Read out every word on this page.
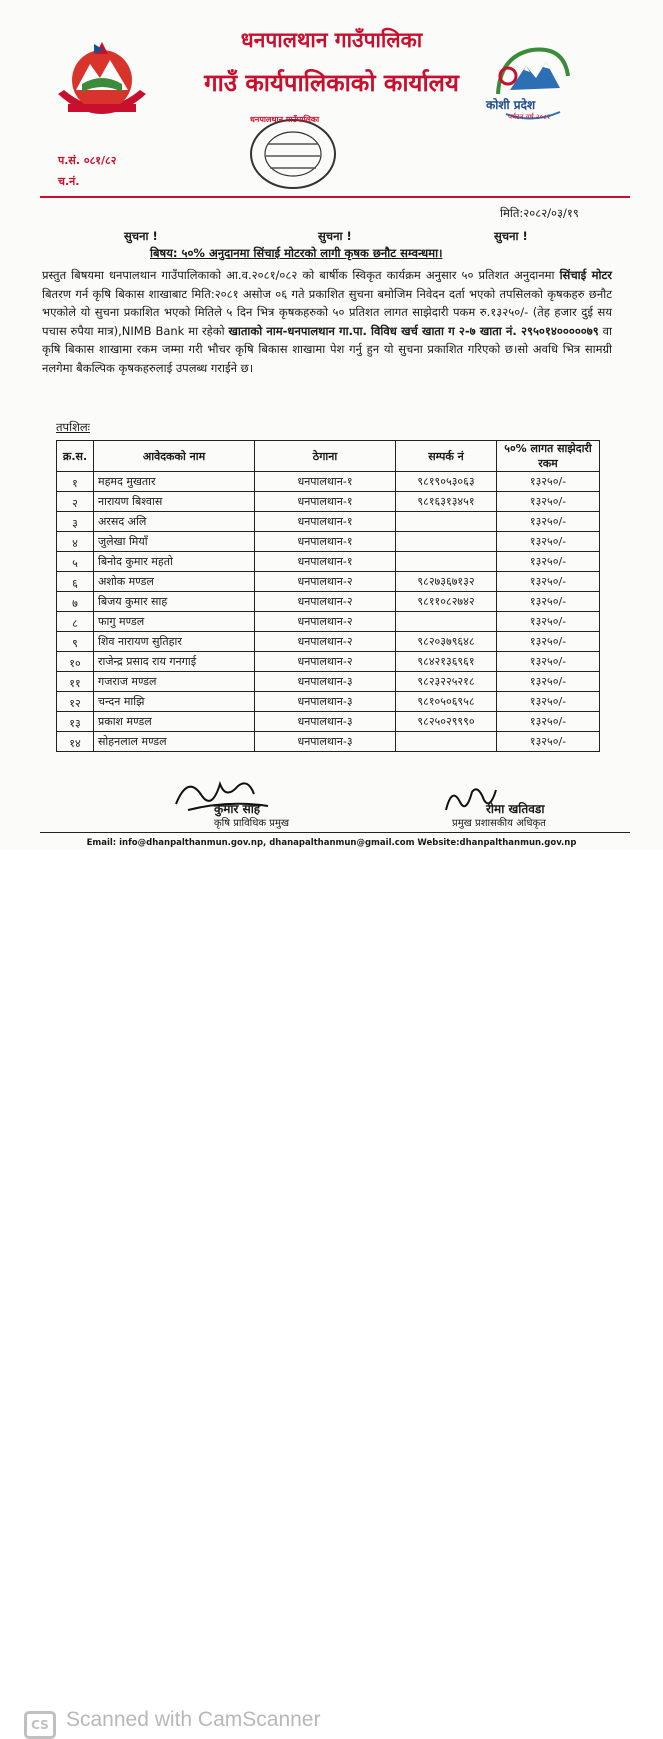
धनपालथान गाउँपालिका
गाउँ कार्यपालिकाको कार्यालय
कोशी प्रदेश
पर्यटन वर्ष २०८२
धनपालथान गाउँपालिका
प.सं. ०८१/८२
च.नं.
मिति:२०८२/०३/१९
सुचना !	सुचना !	सुचना !
बिषय: ५०% अनुदानमा सिंचाई मोटरको लागी कृषक छनौट सम्वन्धमा।
प्रस्तुत बिषयमा धनपालथान गाउँपालिकाको आ.व.२०८१/०८२ को बार्षीक स्विकृत कार्यक्रम अनुसार ५० प्रतिशत अनुदानमा सिंचाई मोटर बितरण गर्न कृषि बिकास शाखाबाट मिति:२०८१ असोज ०६ गते प्रकाशित सुचना बमोजिम निवेदन दर्ता भएको तपसिलको कृषकहरु छनौट भएकोले यो सुचना प्रकाशित भएको मितिले ५ दिन भित्र कृषकहरुको ५० प्रतिशत लागत साझेदारी पकम रु.१३२५०/- (तेह हजार दुई सय पचास रुपैया मात्र),NIMB Bank मा रहेको खाताको नाम-धनपालथान गा.पा. विविध खर्च खाता ग २-७ खाता नं. २९५०१४०००००७९ वा कृषि बिकास शाखामा रकम जम्मा गरी भौचर कृषि बिकास शाखामा पेश गर्नु हुन यो सुचना प्रकाशित गरिएको छ।सो अवधि भित्र सामग्री नलगेमा बैकल्पिक कृषकहरुलाई उपलब्ध गराईने छ।
तपशिलः
क्र.स.	आवेदकको नाम	ठेगाना	सम्पर्क नं	५०% लागत साझेदारी रकम
१	महमद मुखतार	धनपालथान-१	९८१९०५३०६३	१३२५०/-
२	नारायण बिश्वास	धनपालथान-१	९८१६३१३४५१	१३२५०/-
३	अरसद अलि	धनपालथान-१		१३२५०/-
४	जुलेखा मियाँ	धनपालथान-१		१३२५०/-
५	बिनोद कुमार महतो	धनपालथान-१		१३२५०/-
६	अशोक मण्डल	धनपालथान-२	९८२७३६७१३२	१३२५०/-
७	बिजय कुमार साह	धनपालथान-२	९८११०८२७४२	१३२५०/-
८	फागु मण्डल	धनपालथान-२		१३२५०/-
९	शिव नारायण सुतिहार	धनपालथान-२	९८२०३७९६४८	१३२५०/-
१०	राजेन्द्र प्रसाद राय गनगाई	धनपालथान-२	९८४२१३६९६१	१३२५०/-
११	गजराज मण्डल	धनपालथान-३	९८२३२२५२१८	१३२५०/-
१२	चन्दन माझि	धनपालथान-३	९८१०५०६९५८	१३२५०/-
१३	प्रकाश मण्डल	धनपालथान-३	९८२५०२९९९०	१३२५०/-
१४	सोहनलाल मण्डल	धनपालथान-३		१३२५०/-
कुमार साह
कृषि प्राविधिक प्रमुख
रीमा खतिवडा
प्रमुख प्रशासकीय अधिकृत
Email: info@dhanpalthanmun.gov.np, dhanapalthanmun@gmail.com Website:dhanpalthanmun.gov.np
CS Scanned with CamScanner
